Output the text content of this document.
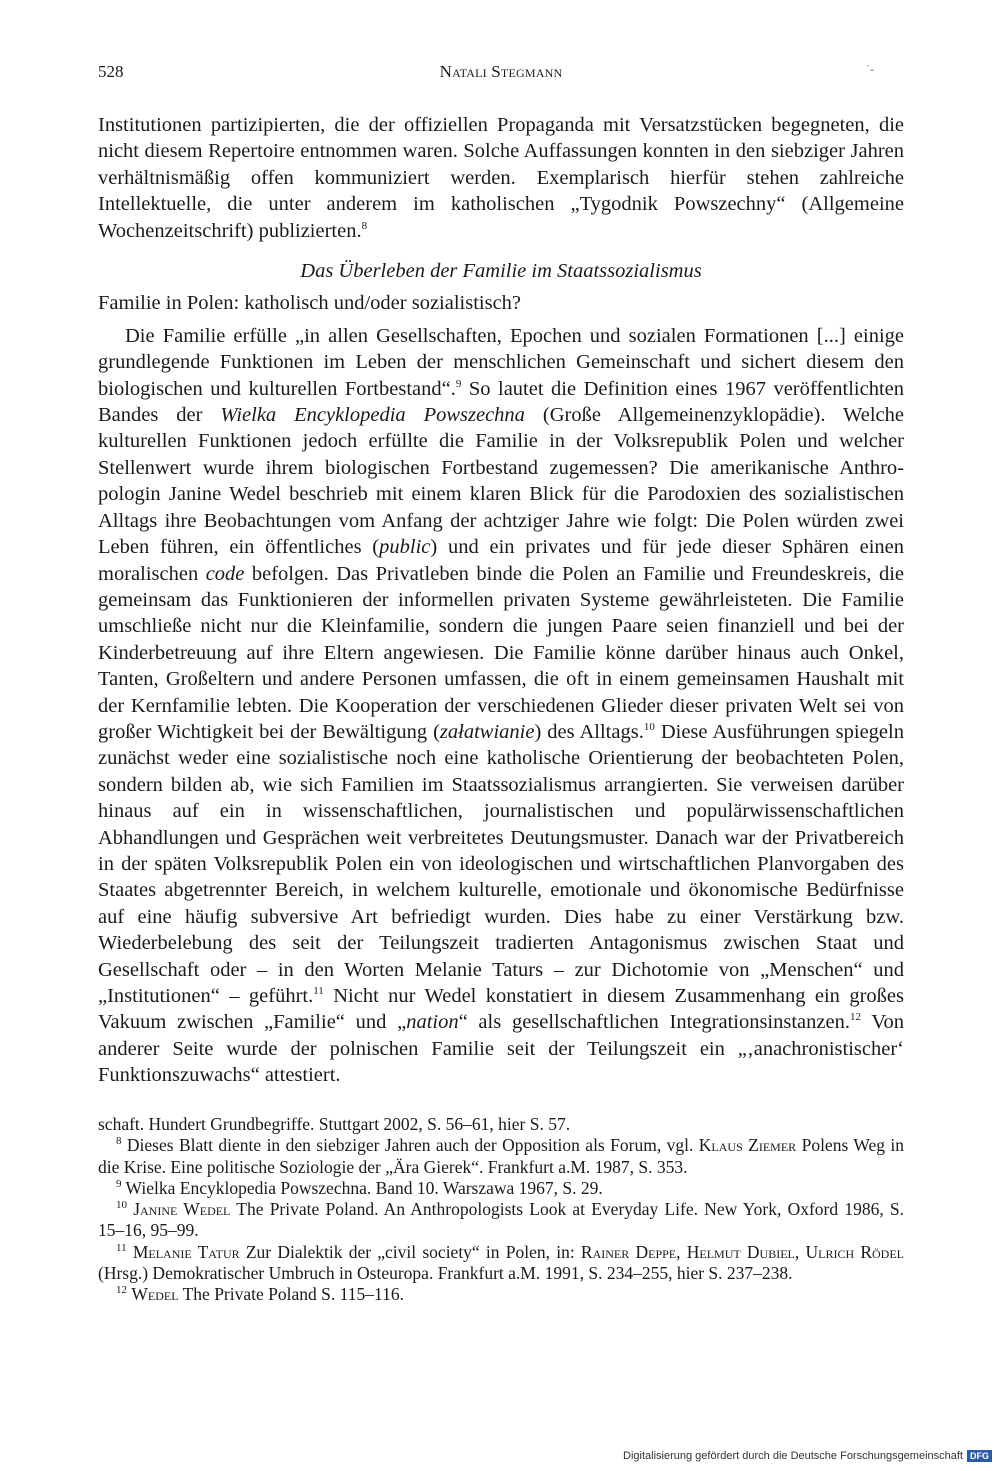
528	Natali Stegmann	˙-

Institutionen partizipierten, die der offiziellen Propaganda mit Versatzstücken begegneten, die nicht diesem Repertoire entnommen waren. Solche Auffassungen konnten in den siebziger Jahren verhältnismäßig offen kommuniziert werden. Exemplarisch hierfür stehen zahlreiche Intellektuelle, die unter anderem im katholischen „Tygodnik Powszechny“ (Allgemeine Wochenzeitschrift) publizierten.$^8$

Das Überleben der Familie im Staatssozialismus

Familie in Polen: katholisch und/oder sozialistisch?

Die Familie erfülle „in allen Gesellschaften, Epochen und sozialen Formationen [...] einige grundlegende Funktionen im Leben der menschlichen Gemeinschaft und sichert diesem den biologischen und kulturellen Fortbestand“.$^9$ So lautet die Definition eines 1967 veröffentlichten Bandes der Wielka Encyklopedia Powszechna (Große Allgemeinenzyklopädie). Welche kulturellen Funktionen jedoch erfüllte die Familie in der Volksrepublik Polen und welcher Stellenwert wurde ihrem biologischen Fortbestand zugemessen? Die amerikanische Anthropologin Janine Wedel beschrieb mit einem klaren Blick für die Parodoxien des sozialistischen Alltags ihre Beobachtungen vom Anfang der achtziger Jahre wie folgt: Die Polen würden zwei Leben führen, ein öffentliches (public) und ein privates und für jede dieser Sphären einen moralischen code befolgen. Das Privatleben binde die Polen an Familie und Freundeskreis, die gemeinsam das Funktionieren der informellen privaten Systeme gewährleisteten. Die Familie umschließe nicht nur die Kleinfamilie, sondern die jungen Paare seien finanziell und bei der Kinderbetreuung auf ihre Eltern angewiesen. Die Familie könne darüber hinaus auch Onkel, Tanten, Großeltern und andere Personen umfassen, die oft in einem gemeinsamen Haushalt mit der Kernfamilie lebten. Die Kooperation der verschiedenen Glieder dieser privaten Welt sei von großer Wichtigkeit bei der Bewältigung (załatwianie) des Alltags.$^{10}$ Diese Ausführungen spiegeln zunächst weder eine sozialistische noch eine katholische Orientierung der beobachteten Polen, sondern bilden ab, wie sich Familien im Staatssozialismus arrangierten. Sie verweisen darüber hinaus auf ein in wissenschaftlichen, journalistischen und populärwissenschaftlichen Abhandlungen und Gesprächen weit verbreitetes Deutungsmuster. Danach war der Privatbereich in der späten Volksrepublik Polen ein von ideologischen und wirtschaftlichen Planvorgaben des Staates abgetrennter Bereich, in welchem kulturelle, emotionale und ökonomische Bedürfnisse auf eine häufig subversive Art befriedigt wurden. Dies habe zu einer Verstärkung bzw. Wiederbelebung des seit der Teilungszeit tradierten Antagonismus zwischen Staat und Gesellschaft oder – in den Worten Melanie Taturs – zur Dichotomie von „Menschen“ und „Institutionen“ – geführt.$^{11}$ Nicht nur Wedel konstatiert in diesem Zusammenhang ein großes Vakuum zwischen „Familie“ und „nation“ als gesellschaftlichen Integrationsinstanzen.$^{12}$ Von anderer Seite wurde der polnischen Familie seit der Teilungszeit ein „‚anachronistischer‘ Funktionszuwachs“ attestiert.

schaft. Hundert Grundbegriffe. Stuttgart 2002, S. 56–61, hier S. 57.

$^8$ Dieses Blatt diente in den siebziger Jahren auch der Opposition als Forum, vgl. Klaus Ziemer Polens Weg in die Krise. Eine politische Soziologie der „Ära Gierek“. Frankfurt a.M. 1987, S. 353.

$^9$ Wielka Encyklopedia Powszechna. Band 10. Warszawa 1967, S. 29.

$^{10}$ Janine Wedel The Private Poland. An Anthropologists Look at Everyday Life. New York, Oxford 1986, S. 15–16, 95–99.

$^{11}$ Melanie Tatur Zur Dialektik der „civil society“ in Polen, in: Rainer Deppe, Helmut Dubiel, Ulrich Rödel (Hrsg.) Demokratischer Umbruch in Osteuropa. Frankfurt a.M. 1991, S. 234–255, hier S. 237–238.

$^{12}$ Wedel The Private Poland S. 115–116.

Digitalisierung gefördert durch die Deutsche Forschungsgemeinschaft DFG
